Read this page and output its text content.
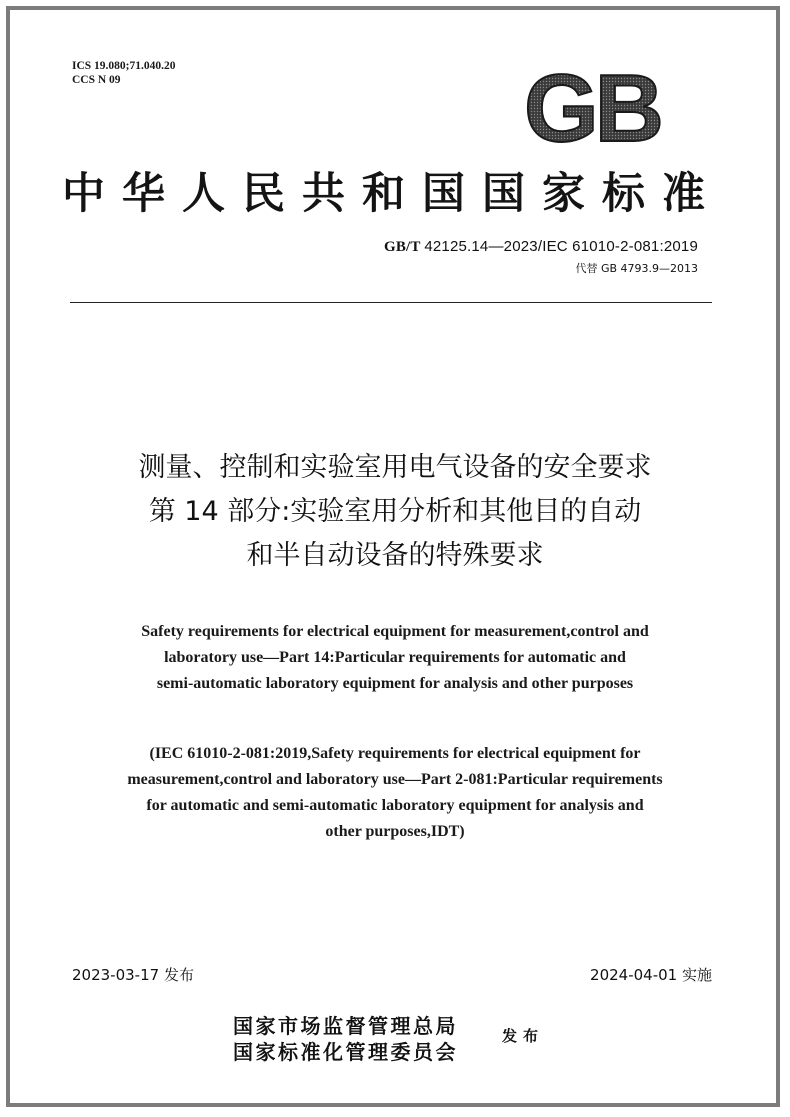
ICS 19.080;71.040.20
CCS N 09	GB
中华人民共和国国家标准
GB/T 42125.14—2023/IEC 61010-2-081:2019
代替 GB 4793.9—2013
测量、控制和实验室用电气设备的安全要求
第 14 部分:实验室用分析和其他目的自动
和半自动设备的特殊要求
Safety requirements for electrical equipment for measurement,control and
laboratory use—Part 14:Particular requirements for automatic and
semi-automatic laboratory equipment for analysis and other purposes
(IEC 61010-2-081:2019,Safety requirements for electrical equipment for
measurement,control and laboratory use—Part 2-081:Particular requirements
for automatic and semi-automatic laboratory equipment for analysis and
other purposes,IDT)
2023-03-17 发布	2024-04-01 实施
国家市场监督管理总局
国家标准化管理委员会
发布
